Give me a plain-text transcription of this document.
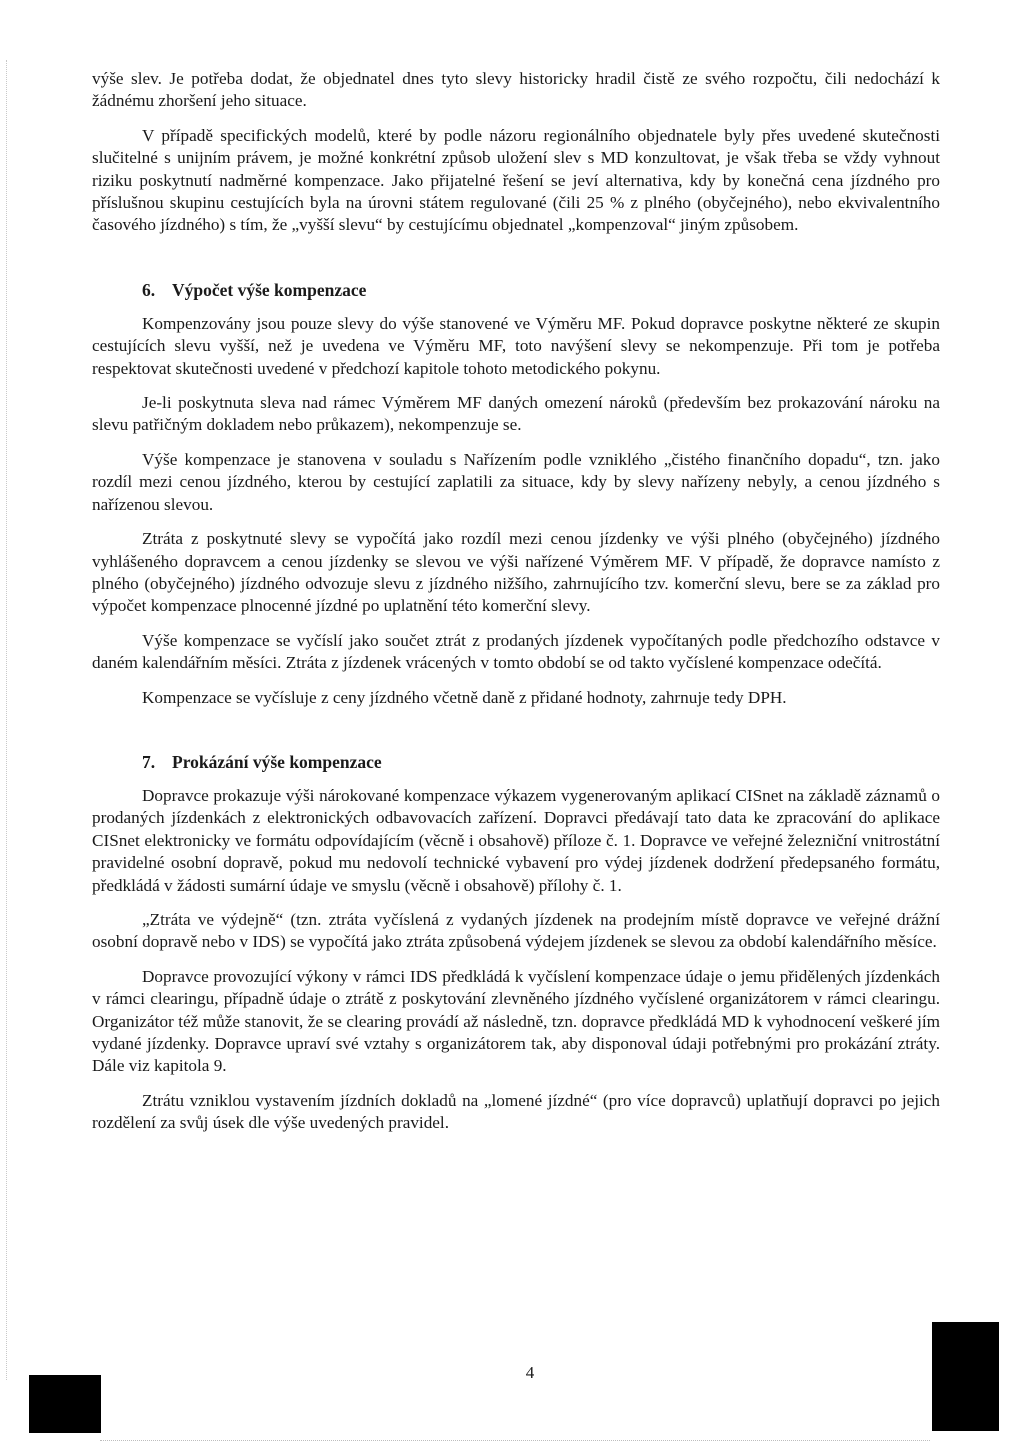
výše slev. Je potřeba dodat, že objednatel dnes tyto slevy historicky hradil čistě ze svého rozpočtu, čili nedochází k žádnému zhoršení jeho situace.

V případě specifických modelů, které by podle názoru regionálního objednatele byly přes uvedené skutečnosti slučitelné s unijním právem, je možné konkrétní způsob uložení slev s MD konzultovat, je však třeba se vždy vyhnout riziku poskytnutí nadměrné kompenzace. Jako přijatelné řešení se jeví alternativa, kdy by konečná cena jízdného pro příslušnou skupinu cestujících byla na úrovni státem regulované (čili 25 % z plného (obyčejného), nebo ekvivalentního časového jízdného) s tím, že „vyšší slevu“ by cestujícímu objednatel „kompenzoval“ jiným způsobem.

6. Výpočet výše kompenzace

Kompenzovány jsou pouze slevy do výše stanovené ve Výměru MF. Pokud dopravce poskytne některé ze skupin cestujících slevu vyšší, než je uvedena ve Výměru MF, toto navýšení slevy se nekompenzuje. Při tom je potřeba respektovat skutečnosti uvedené v předchozí kapitole tohoto metodického pokynu.

Je-li poskytnuta sleva nad rámec Výměrem MF daných omezení nároků (především bez prokazování nároku na slevu patřičným dokladem nebo průkazem), nekompenzuje se.

Výše kompenzace je stanovena v souladu s Nařízením podle vzniklého „čistého finančního dopadu“, tzn. jako rozdíl mezi cenou jízdného, kterou by cestující zaplatili za situace, kdy by slevy nařízeny nebyly, a cenou jízdného s nařízenou slevou.

Ztráta z poskytnuté slevy se vypočítá jako rozdíl mezi cenou jízdenky ve výši plného (obyčejného) jízdného vyhlášeného dopravcem a cenou jízdenky se slevou ve výši nařízené Výměrem MF. V případě, že dopravce namísto z plného (obyčejného) jízdného odvozuje slevu z jízdného nižšího, zahrnujícího tzv. komerční slevu, bere se za základ pro výpočet kompenzace plnocenné jízdné po uplatnění této komerční slevy.

Výše kompenzace se vyčíslí jako součet ztrát z prodaných jízdenek vypočítaných podle předchozího odstavce v daném kalendářním měsíci. Ztráta z jízdenek vrácených v tomto období se od takto vyčíslené kompenzace odečítá.

Kompenzace se vyčísluje z ceny jízdného včetně daně z přidané hodnoty, zahrnuje tedy DPH.

7. Prokázání výše kompenzace

Dopravce prokazuje výši nárokované kompenzace výkazem vygenerovaným aplikací CISnet na základě záznamů o prodaných jízdenkách z elektronických odbavovacích zařízení. Dopravci předávají tato data ke zpracování do aplikace CISnet elektronicky ve formátu odpovídajícím (věcně i obsahově) příloze č. 1. Dopravce ve veřejné železniční vnitrostátní pravidelné osobní dopravě, pokud mu nedovolí technické vybavení pro výdej jízdenek dodržení předepsaného formátu, předkládá v žádosti sumární údaje ve smyslu (věcně i obsahově) přílohy č. 1.

„Ztráta ve výdejně“ (tzn. ztráta vyčíslená z vydaných jízdenek na prodejním místě dopravce ve veřejné drážní osobní dopravě nebo v IDS) se vypočítá jako ztráta způsobená výdejem jízdenek se slevou za období kalendářního měsíce.

Dopravce provozující výkony v rámci IDS předkládá k vyčíslení kompenzace údaje o jemu přidělených jízdenkách v rámci clearingu, případně údaje o ztrátě z poskytování zlevněného jízdného vyčíslené organizátorem v rámci clearingu. Organizátor též může stanovit, že se clearing provádí až následně, tzn. dopravce předkládá MD k vyhodnocení veškeré jím vydané jízdenky. Dopravce upraví své vztahy s organizátorem tak, aby disponoval údaji potřebnými pro prokázání ztráty. Dále viz kapitola 9.

Ztrátu vzniklou vystavením jízdních dokladů na „lomené jízdné“ (pro více dopravců) uplatňují dopravci po jejich rozdělení za svůj úsek dle výše uvedených pravidel.

4
